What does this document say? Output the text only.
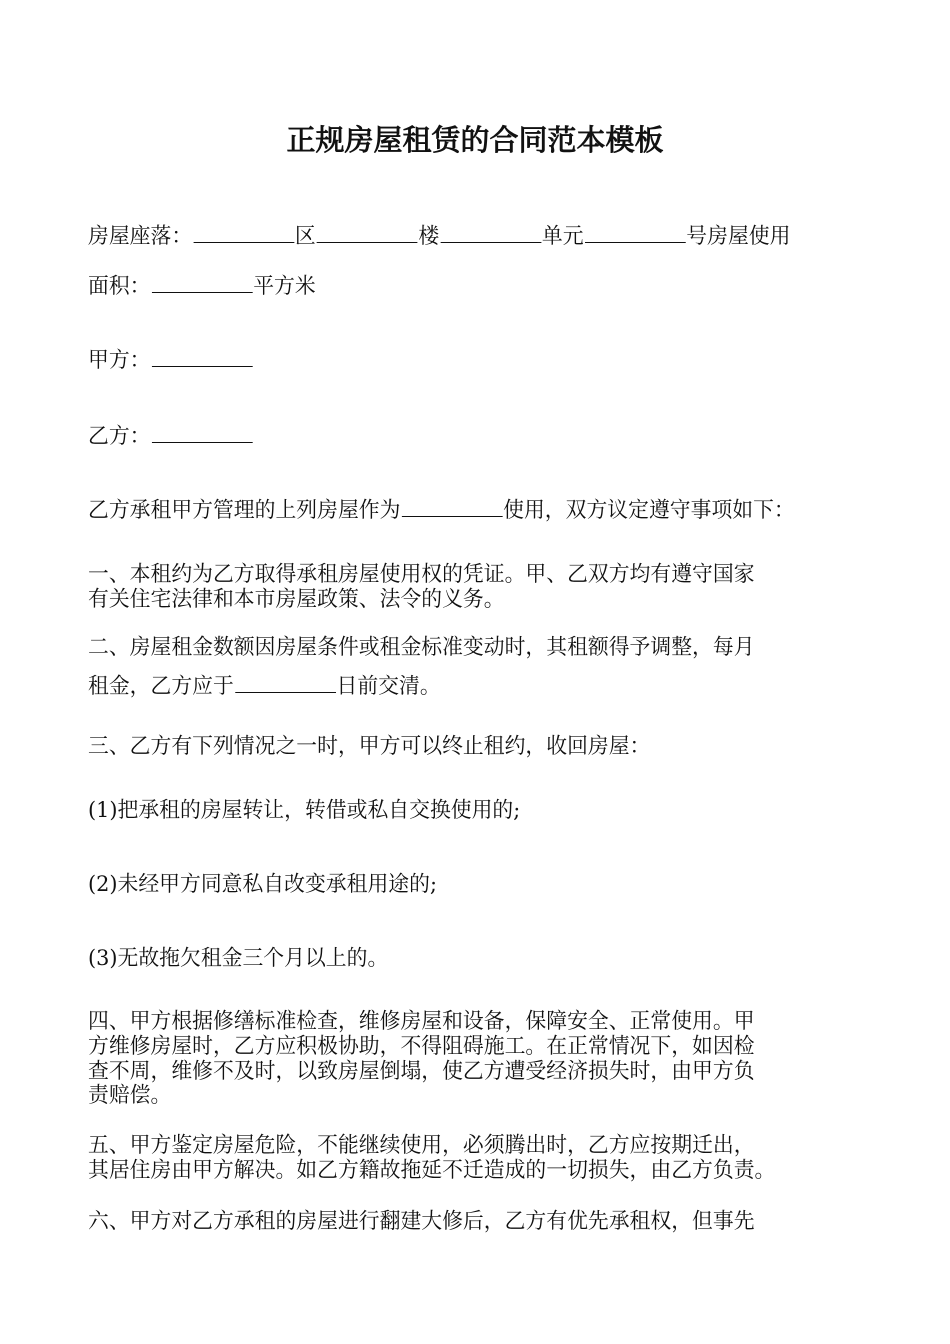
正规房屋租赁的合同范本模板
房屋座落：	区	楼	单元	号房屋使用
面积：	平方米
甲方：
乙方：
乙方承租甲方管理的上列房屋作为	使用，双方议定遵守事项如下：
一、本租约为乙方取得承租房屋使用权的凭证。甲、乙双方均有遵守国家
有关住宅法律和本市房屋政策、法令的义务。
二、房屋租金数额因房屋条件或租金标准变动时，其租额得予调整，每月
租金，乙方应于	日前交清。
三、乙方有下列情况之一时，甲方可以终止租约，收回房屋：
(1)把承租的房屋转让，转借或私自交换使用的;
(2)未经甲方同意私自改变承租用途的;
(3)无故拖欠租金三个月以上的。
四、甲方根据修缮标准检查，维修房屋和设备，保障安全、正常使用。甲
方维修房屋时，乙方应积极协助，不得阻碍施工。在正常情况下，如因检
查不周，维修不及时，以致房屋倒塌，使乙方遭受经济损失时，由甲方负
责赔偿。
五、甲方鉴定房屋危险，不能继续使用，必须腾出时，乙方应按期迁出，
其居住房由甲方解决。如乙方籍故拖延不迁造成的一切损失，由乙方负责。
六、甲方对乙方承租的房屋进行翻建大修后，乙方有优先承租权，但事先
